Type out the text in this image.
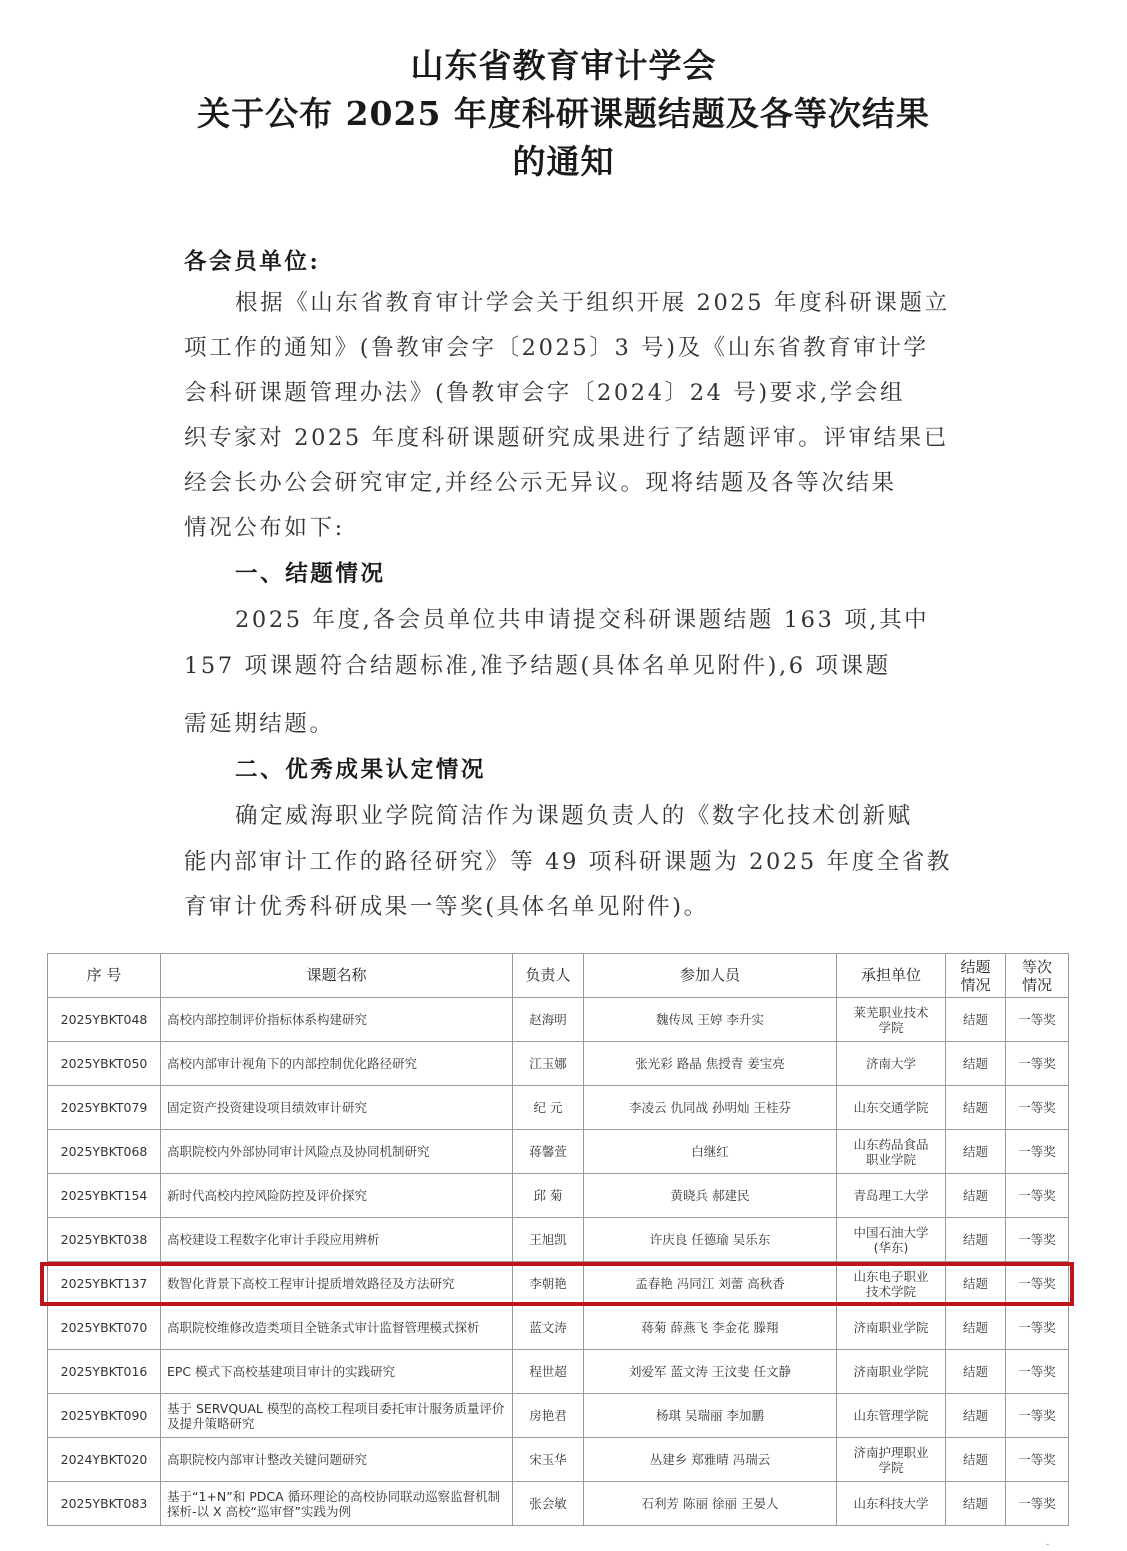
山东省教育审计学会
关于公布 2025 年度科研课题结题及各等次结果
的通知
各会员单位:
根据《山东省教育审计学会关于组织开展 2025 年度科研课题立
项工作的通知》(鲁教审会字〔2025〕3 号)及《山东省教育审计学
会科研课题管理办法》(鲁教审会字〔2024〕24 号)要求,学会组
织专家对 2025 年度科研课题研究成果进行了结题评审。评审结果已
经会长办公会研究审定,并经公示无异议。现将结题及各等次结果
情况公布如下:
一、结题情况
2025 年度,各会员单位共申请提交科研课题结题 163 项,其中
157 项课题符合结题标准,准予结题(具体名单见附件),6 项课题
需延期结题。
二、优秀成果认定情况
确定威海职业学院简洁作为课题负责人的《数字化技术创新赋
能内部审计工作的路径研究》等 49 项科研课题为 2025 年度全省教
育审计优秀科研成果一等奖(具体名单见附件)。
序 号	课题名称	负责人	参加人员	承担单位	结题
情况	等次
情况
2025YBKT048	高校内部控制评价指标体系构建研究	赵海明	魏传凤 王婷 李升实	莱芜职业技术
学院	结题	一等奖
2025YBKT050	高校内部审计视角下的内部控制优化路径研究	江玉娜	张光彩 路晶 焦授青 姜宝亮	济南大学	结题	一等奖
2025YBKT079	固定资产投资建设项目绩效审计研究	纪 元	李凌云 仇同战 孙明灿 王桂芬	山东交通学院	结题	一等奖
2025YBKT068	高职院校内外部协同审计风险点及协同机制研究	蒋馨萱	白继红	山东药品食品
职业学院	结题	一等奖
2025YBKT154	新时代高校内控风险防控及评价探究	邱 菊	黄晓兵 郝建民	青岛理工大学	结题	一等奖
2025YBKT038	高校建设工程数字化审计手段应用辨析	王旭凯	许庆良 任德瑜 吴乐东	中国石油大学
(华东)	结题	一等奖
2025YBKT137	数智化背景下高校工程审计提质增效路径及方法研究	李朝艳	孟春艳 冯同江 刘蕾 高秋香	山东电子职业
技术学院	结题	一等奖
2025YBKT070	高职院校维修改造类项目全链条式审计监督管理模式探析	蓝文涛	蒋菊 薛燕飞 李金花 滕翔	济南职业学院	结题	一等奖
2025YBKT016	EPC 模式下高校基建项目审计的实践研究	程世超	刘爱军 蓝文涛 王汶斐 任文静	济南职业学院	结题	一等奖
2025YBKT090	基于 SERVQUAL 模型的高校工程项目委托审计服务质量评价及提升策略研究	房艳君	杨琪 吴瑞丽 李加鹏	山东管理学院	结题	一等奖
2024YBKT020	高职院校内部审计整改关键问题研究	宋玉华	丛建乡 郑雅晴 冯瑞云	济南护理职业
学院	结题	一等奖
2025YBKT083	基于“1+N”和 PDCA 循环理论的高校协同联动巡察监督机制探析-以 X 高校“巡审督”实践为例	张会敏	石利芳 陈丽 徐丽 王晏人	山东科技大学	结题	一等奖
-
